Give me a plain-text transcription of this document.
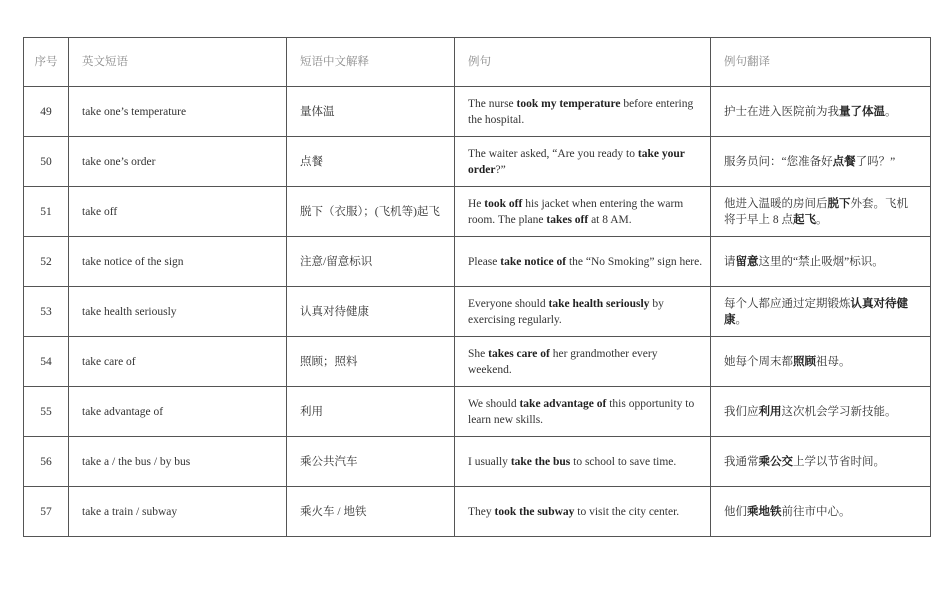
序号	英文短语	短语中文解释	例句	例句翻译
49	take one’s temperature	量体温	The nurse took my temperature before entering the hospital.	护士在进入医院前为我量了体温。
50	take one’s order	点餐	The waiter asked, “Are you ready to take your order?”	服务员问：“您准备好点餐了吗？”
51	take off	脱下（衣服）；(飞机等)起飞	He took off his jacket when entering the warm room. The plane takes off at 8 AM.	他进入温暖的房间后脱下外套。飞机将于早上 8 点起飞。
52	take notice of the sign	注意/留意标识	Please take notice of the “No Smoking” sign here.	请留意这里的“禁止吸烟”标识。
53	take health seriously	认真对待健康	Everyone should take health seriously by exercising regularly.	每个人都应通过定期锻炼认真对待健康。
54	take care of	照顾；照料	She takes care of her grandmother every weekend.	她每个周末都照顾祖母。
55	take advantage of	利用	We should take advantage of this opportunity to learn new skills.	我们应利用这次机会学习新技能。
56	take a / the bus / by bus	乘公共汽车	I usually take the bus to school to save time.	我通常乘公交上学以节省时间。
57	take a train / subway	乘火车 / 地铁	They took the subway to visit the city center.	他们乘地铁前往市中心。
